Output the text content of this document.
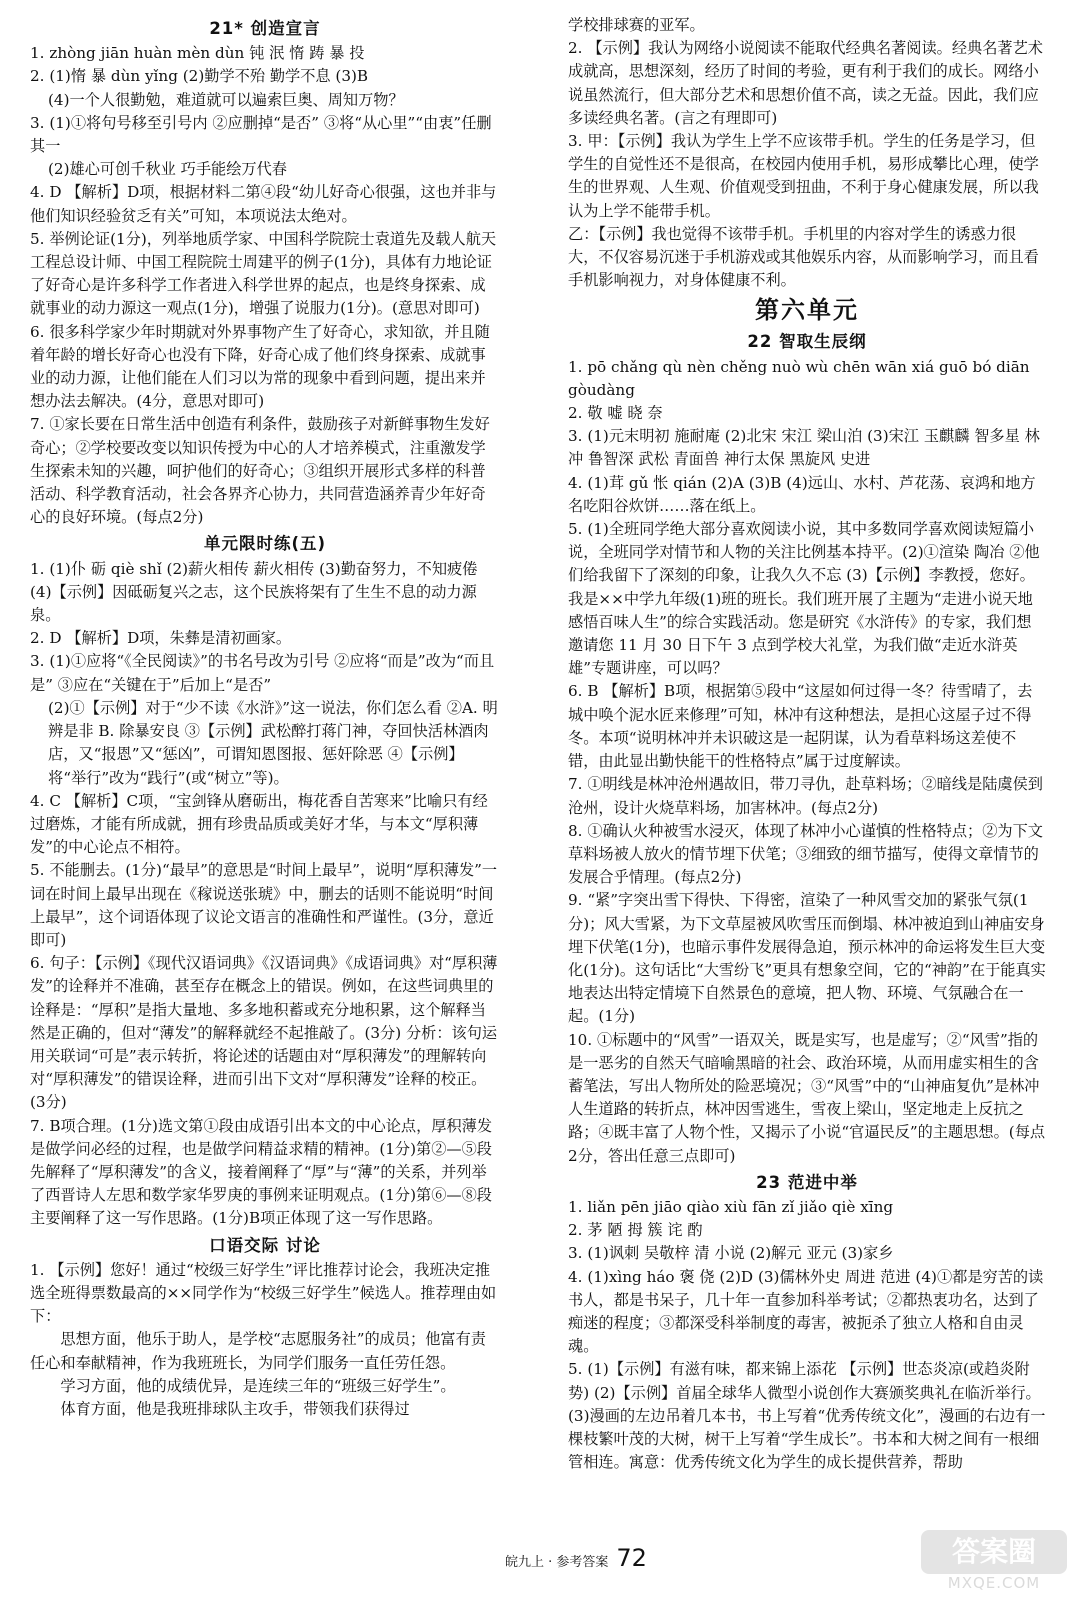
21* 创造宣言

1. zhòng jiān huàn mèn dùn 钝 泯 惰 踌 暴 投

2. (1)惰 暴 dùn yǐng (2)勤学不殆 勤学不息 (3)B

(4)一个人很勤勉，难道就可以遍索巨奥、周知万物？

3. (1)①将句号移至引号内 ②应删掉“是否” ③将“从心里”“由衷”任删其一

(2)雄心可创千秋业 巧手能绘万代春

4. D 【解析】D项，根据材料二第④段“幼儿好奇心很强，这也并非与他们知识经验贫乏有关”可知，本项说法太绝对。

5. 举例论证(1分)，列举地质学家、中国科学院院士袁道先及载人航天工程总设计师、中国工程院院士周建平的例子(1分)，具体有力地论证了好奇心是许多科学工作者进入科学世界的起点，也是终身探索、成就事业的动力源这一观点(1分)，增强了说服力(1分)。(意思对即可)

6. 很多科学家少年时期就对外界事物产生了好奇心，求知欲，并且随着年龄的增长好奇心也没有下降，好奇心成了他们终身探索、成就事业的动力源，让他们能在人们习以为常的现象中看到问题，提出来并想办法去解决。(4分，意思对即可)

7. ①家长要在日常生活中创造有利条件，鼓励孩子对新鲜事物生发好奇心；②学校要改变以知识传授为中心的人才培养模式，注重激发学生探索未知的兴趣，呵护他们的好奇心；③组织开展形式多样的科普活动、科学教育活动，社会各界齐心协力，共同营造涵养青少年好奇心的良好环境。(每点2分)

单元限时练(五)

1. (1)仆 砺 qiè shǐ (2)薪火相传 薪火相传 (3)勤奋努力，不知疲倦 (4)【示例】因砥砺复兴之志，这个民族将架有了生生不息的动力源泉。

2. D 【解析】D项，朱彝是清初画家。

3. (1)①应将“《全民阅读》”的书名号改为引号 ②应将“而是”改为“而且是” ③应在“关键在于”后加上“是否”

(2)①【示例】对于“少不读《水浒》”这一说法，你们怎么看 ②A. 明辨是非 B. 除暴安良 ③【示例】武松醉打蒋门神，夺回快活林酒肉店，又“报恩”又“惩凶”，可谓知恩图报、惩奸除恶 ④【示例】将“举行”改为“践行”(或“树立”等)。

4. C 【解析】C项，“宝剑锋从磨砺出，梅花香自苦寒来”比喻只有经过磨炼，才能有所成就，拥有珍贵品质或美好才华，与本文“厚积薄发”的中心论点不相符。

5. 不能删去。(1分)“最早”的意思是“时间上最早”，说明“厚积薄发”一词在时间上最早出现在《稼说送张琥》中，删去的话则不能说明“时间上最早”，这个词语体现了议论文语言的准确性和严谨性。(3分，意近即可)

6. 句子：【示例】《现代汉语词典》《汉语词典》《成语词典》对“厚积薄发”的诠释并不准确，甚至存在概念上的错误。例如，在这些词典里的诠释是：“厚积”是指大量地、多多地积蓄或充分地积累，这个解释当然是正确的，但对“薄发”的解释就经不起推敲了。(3分) 分析：该句运用关联词“可是”表示转折，将论述的话题由对“厚积薄发”的理解转向对“厚积薄发”的错误诠释，进而引出下文对“厚积薄发”诠释的校正。(3分)

7. B项合理。(1分)选文第①段由成语引出本文的中心论点，厚积薄发是做学问必经的过程，也是做学问精益求精的精神。(1分)第②—⑤段先解释了“厚积薄发”的含义，接着阐释了“厚”与“薄”的关系，并列举了西晋诗人左思和数学家华罗庚的事例来证明观点。(1分)第⑥—⑧段主要阐释了这一写作思路。(1分)B项正体现了这一写作思路。

口语交际 讨论

1. 【示例】您好！通过“校级三好学生”评比推荐讨论会，我班决定推选全班得票数最高的××同学作为“校级三好学生”候选人。推荐理由如下：

思想方面，他乐于助人，是学校“志愿服务社”的成员；他富有责任心和奉献精神，作为我班班长，为同学们服务一直任劳任怨。

学习方面，他的成绩优异，是连续三年的“班级三好学生”。

体育方面，他是我班排球队主攻手，带领我们获得过

学校排球赛的亚军。

2. 【示例】我认为网络小说阅读不能取代经典名著阅读。经典名著艺术成就高，思想深刻，经历了时间的考验，更有利于我们的成长。网络小说虽然流行，但大部分艺术和思想价值不高，读之无益。因此，我们应多读经典名著。(言之有理即可)

3. 甲：【示例】我认为学生上学不应该带手机。学生的任务是学习，但学生的自觉性还不是很高，在校园内使用手机，易形成攀比心理，使学生的世界观、人生观、价值观受到扭曲，不利于身心健康发展，所以我认为上学不能带手机。

乙：【示例】我也觉得不该带手机。手机里的内容对学生的诱惑力很大，不仅容易沉迷于手机游戏或其他娱乐内容，从而影响学习，而且看手机影响视力，对身体健康不利。

第六单元
22 智取生辰纲

1. pō chǎng qù nèn chěng nuò wù chēn wān xiá guō bó diān gòudàng

2. 敬 嘘 晓 奈

3. (1)元末明初 施耐庵 (2)北宋 宋江 梁山泊 (3)宋江 玉麒麟 智多星 林冲 鲁智深 武松 青面兽 神行太保 黑旋风 史进

4. (1)茸 gǔ 怅 qián (2)A (3)B (4)远山、水村、芦花荡、哀鸿和地方名吃阳谷炊饼……落在纸上。

5. (1)全班同学绝大部分喜欢阅读小说，其中多数同学喜欢阅读短篇小说，全班同学对情节和人物的关注比例基本持平。(2)①渲染 陶冶 ②他们给我留下了深刻的印象，让我久久不忘 (3)【示例】李教授，您好。我是××中学九年级(1)班的班长。我们班开展了主题为“走进小说天地 感悟百味人生”的综合实践活动。您是研究《水浒传》的专家，我们想邀请您 11 月 30 日下午 3 点到学校大礼堂，为我们做“走近水浒英雄”专题讲座，可以吗？

6. B 【解析】B项，根据第⑤段中“这屋如何过得一冬？待雪晴了，去城中唤个泥水匠来修理”可知，林冲有这种想法，是担心这屋子过不得冬。本项“说明林冲并未识破这是一起阴谋，认为看草料场这差使不错，由此显出勤快能干的性格特点”属于过度解读。

7. ①明线是林冲沧州遇故旧，带刀寻仇，赴草料场；②暗线是陆虞侯到沧州，设计火烧草料场，加害林冲。(每点2分)

8. ①确认火种被雪水浸灭，体现了林冲小心谨慎的性格特点；②为下文草料场被人放火的情节埋下伏笔；③细致的细节描写，使得文章情节的发展合乎情理。(每点2分)

9. “紧”字突出雪下得快、下得密，渲染了一种风雪交加的紧张气氛(1分)；风大雪紧，为下文草屋被风吹雪压而倒塌、林冲被迫到山神庙安身埋下伏笔(1分)，也暗示事件发展得急迫，预示林冲的命运将发生巨大变化(1分)。这句话比“大雪纷飞”更具有想象空间，它的“神韵”在于能真实地表达出特定情境下自然景色的意境，把人物、环境、气氛融合在一起。(1分)

10. ①标题中的“风雪”一语双关，既是实写，也是虚写；②“风雪”指的是一恶劣的自然天气暗喻黑暗的社会、政治环境，从而用虚实相生的含蓄笔法，写出人物所处的险恶境况；③“风雪”中的“山神庙复仇”是林冲人生道路的转折点，林冲因雪逃生，雪夜上梁山，坚定地走上反抗之路；④既丰富了人物个性，又揭示了小说“官逼民反”的主题思想。(每点2分，答出任意三点即可)

23 范进中举

1. liǎn pēn jiāo qiào xiù fān zǐ jiǎo qiè xīng

2. 茅 陋 拇 簇 诧 酌

3. (1)讽刺 吴敬梓 清 小说 (2)解元 亚元 (3)家乡

4. (1)xìng háo 褒 侥 (2)D (3)儒林外史 周进 范进 (4)①都是穷苦的读书人，都是书呆子，几十年一直参加科举考试；②都热衷功名，达到了痴迷的程度；③都深受科举制度的毒害，被扼杀了独立人格和自由灵魂。

5. (1)【示例】有滋有味，都来锦上添花 【示例】世态炎凉(或趋炎附势) (2)【示例】首届全球华人微型小说创作大赛颁奖典礼在临沂举行。(3)漫画的左边吊着几本书，书上写着“优秀传统文化”，漫画的右边有一棵枝繁叶茂的大树，树干上写着“学生成长”。书本和大树之间有一根细管相连。寓意：优秀传统文化为学生的成长提供营养，帮助

皖九上 · 参考答案 72	答案圈
MXQE.COM
